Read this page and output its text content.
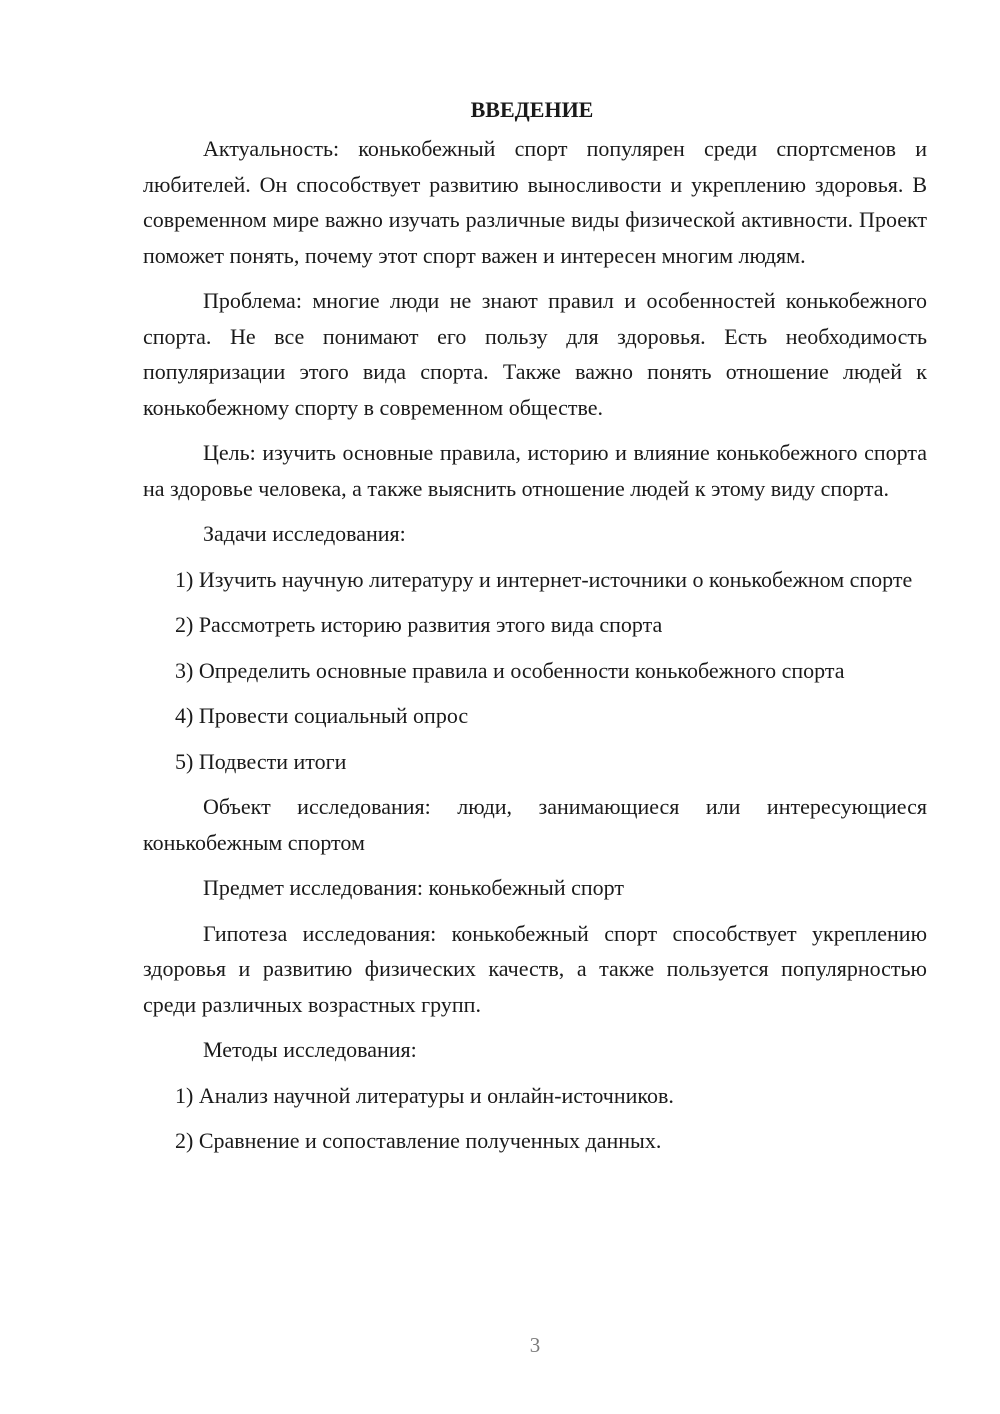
ВВЕДЕНИЕ

Актуальность: конькобежный спорт популярен среди спортсменов и любителей. Он способствует развитию выносливости и укреплению здоровья. В современном мире важно изучать различные виды физической активности. Проект поможет понять, почему этот спорт важен и интересен многим людям.

Проблема: многие люди не знают правил и особенностей конькобежного спорта. Не все понимают его пользу для здоровья. Есть необходимость популяризации этого вида спорта. Также важно понять отношение людей к конькобежному спорту в современном обществе.

Цель: изучить основные правила, историю и влияние конькобежного спорта на здоровье человека, а также выяснить отношение людей к этому виду спорта.

Задачи исследования:

1) Изучить научную литературу и интернет-источники о конькобежном спорте

2) Рассмотреть историю развития этого вида спорта

3) Определить основные правила и особенности конькобежного спорта

4) Провести социальный опрос

5) Подвести итоги

Объект исследования: люди, занимающиеся или интересующиеся конькобежным спортом

Предмет исследования: конькобежный спорт

Гипотеза исследования: конькобежный спорт способствует укреплению здоровья и развитию физических качеств, а также пользуется популярностью среди различных возрастных групп.

Методы исследования:

1) Анализ научной литературы и онлайн-источников.

2) Сравнение и сопоставление полученных данных.

3
